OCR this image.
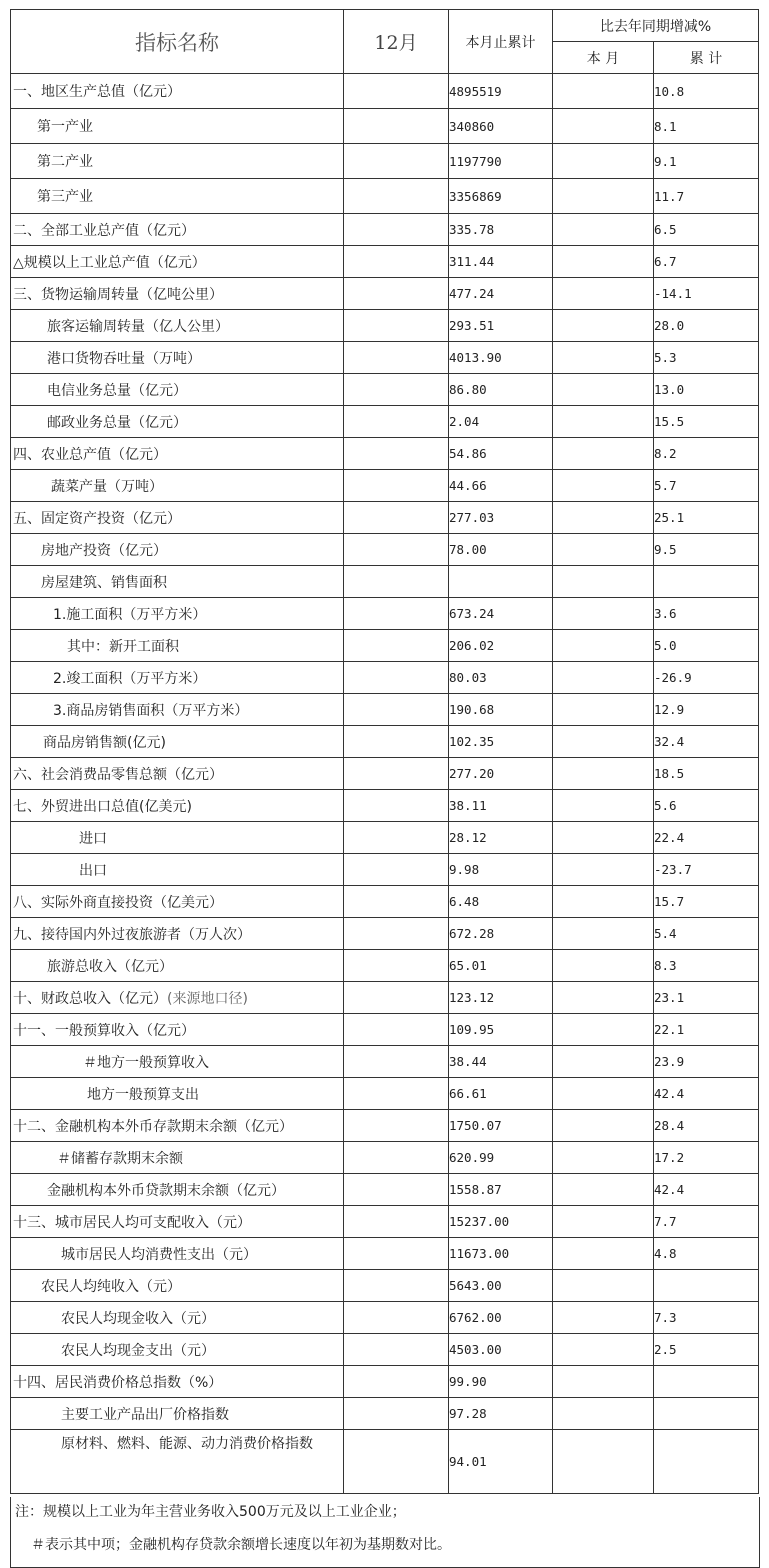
指标名称	12月	本月止累计	比去年同期增减%	
			本 月	累 计
一、地区生产总值（亿元）		4895519		10.8
第一产业		340860		8.1
第二产业		1197790		9.1
第三产业		3356869		11.7
二、全部工业总产值（亿元）		335.78		6.5
△规模以上工业总产值（亿元）		311.44		6.7
三、货物运输周转量（亿吨公里）		477.24		-14.1
旅客运输周转量（亿人公里）		293.51		28.0
港口货物吞吐量（万吨）		4013.90		5.3
电信业务总量（亿元）		86.80		13.0
邮政业务总量（亿元）		2.04		15.5
四、农业总产值（亿元）		54.86		8.2
蔬菜产量（万吨）		44.66		5.7
五、固定资产投资（亿元）		277.03		25.1
房地产投资（亿元）		78.00		9.5
房屋建筑、销售面积				
1.施工面积（万平方米）		673.24		3.6
其中：新开工面积		206.02		5.0
2.竣工面积（万平方米）		80.03		-26.9
3.商品房销售面积（万平方米）		190.68		12.9
商品房销售额(亿元)		102.35		32.4
六、社会消费品零售总额（亿元）		277.20		18.5
七、外贸进出口总值(亿美元)		38.11		5.6
进口		28.12		22.4
出口		9.98		-23.7
八、实际外商直接投资（亿美元）		6.48		15.7
九、接待国内外过夜旅游者（万人次）		672.28		5.4
旅游总收入（亿元）		65.01		8.3
十、财政总收入（亿元）(来源地口径)		123.12		23.1
十一、一般预算收入（亿元）		109.95		22.1
＃地方一般预算收入		38.44		23.9
地方一般预算支出		66.61		42.4
十二、金融机构本外币存款期末余额（亿元）		1750.07		28.4
＃储蓄存款期末余额		620.99		17.2
金融机构本外币贷款期末余额（亿元）		1558.87		42.4
十三、城市居民人均可支配收入（元）		15237.00		7.7
城市居民人均消费性支出（元）		11673.00		4.8
农民人均纯收入（元）		5643.00		
农民人均现金收入（元）		6762.00		7.3
农民人均现金支出（元）		4503.00		2.5
十四、居民消费价格总指数（%）		99.90		
主要工业产品出厂价格指数		97.28		
原材料、燃料、能源、动力消费价格指数		94.01		
注：规模以上工业为年主营业务收入500万元及以上工业企业；
＃表示其中项；金融机构存贷款余额增长速度以年初为基期数对比。
